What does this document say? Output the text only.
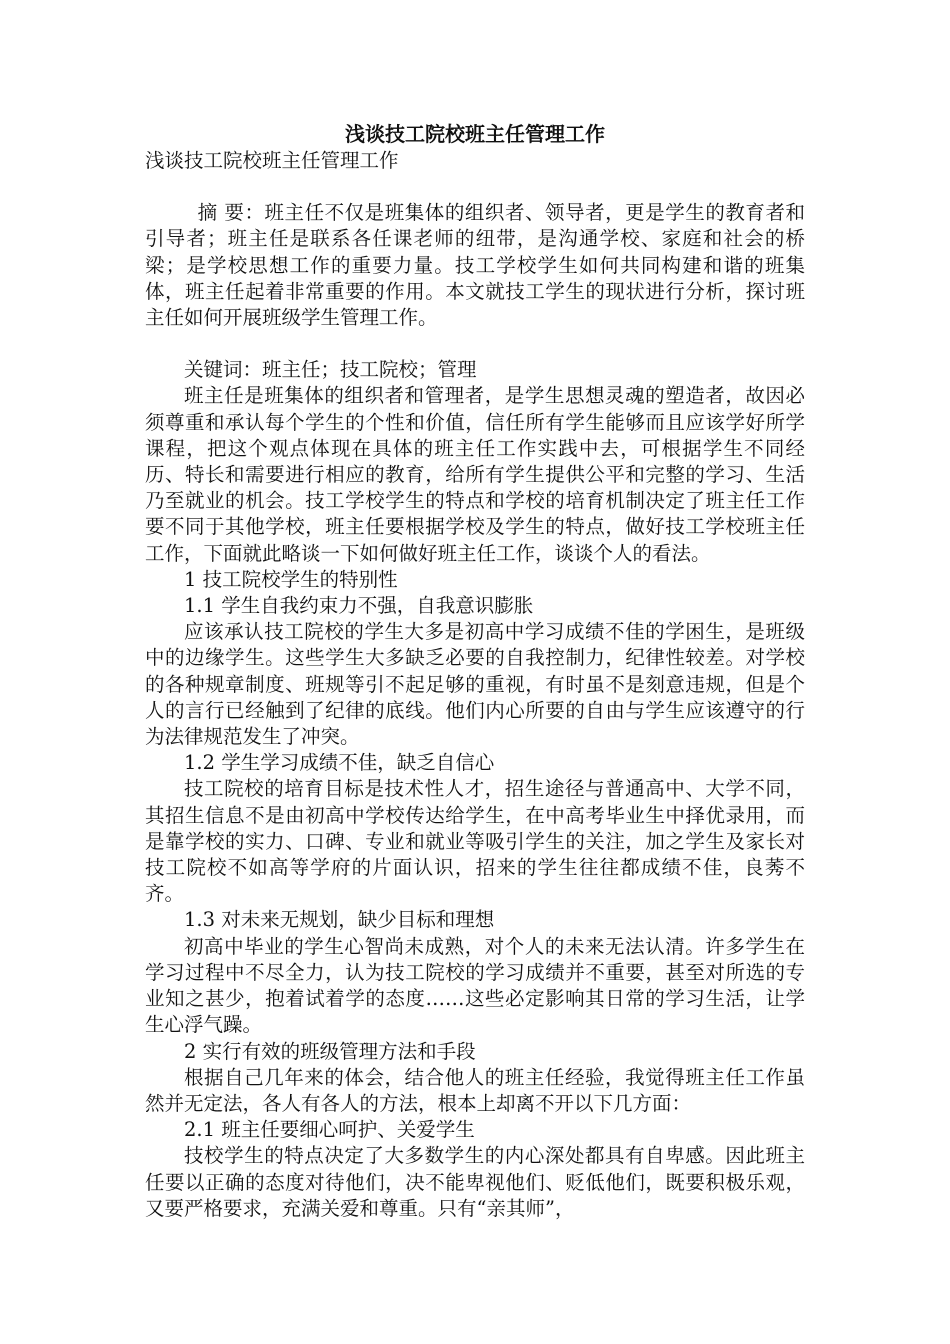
浅谈技工院校班主任管理工作

浅谈技工院校班主任管理工作

摘 要：班主任不仅是班集体的组织者、领导者，更是学生的教育者和引导者；班主任是联系各任课老师的纽带，是沟通学校、家庭和社会的桥梁；是学校思想工作的重要力量。技工学校学生如何共同构建和谐的班集体，班主任起着非常重要的作用。本文就技工学生的现状进行分析，探讨班主任如何开展班级学生管理工作。

关键词：班主任；技工院校；管理

班主任是班集体的组织者和管理者，是学生思想灵魂的塑造者，故因必须尊重和承认每个学生的个性和价值，信任所有学生能够而且应该学好所学课程，把这个观点体现在具体的班主任工作实践中去，可根据学生不同经历、特长和需要进行相应的教育，给所有学生提供公平和完整的学习、生活乃至就业的机会。技工学校学生的特点和学校的培育机制决定了班主任工作要不同于其他学校，班主任要根据学校及学生的特点，做好技工学校班主任工作，下面就此略谈一下如何做好班主任工作，谈谈个人的看法。

1 技工院校学生的特别性

1.1 学生自我约束力不强，自我意识膨胀

应该承认技工院校的学生大多是初高中学习成绩不佳的学困生，是班级中的边缘学生。这些学生大多缺乏必要的自我控制力，纪律性较差。对学校的各种规章制度、班规等引不起足够的重视，有时虽不是刻意违规，但是个人的言行已经触到了纪律的底线。他们内心所要的自由与学生应该遵守的行为法律规范发生了冲突。

1.2 学生学习成绩不佳，缺乏自信心

技工院校的培育目标是技术性人才，招生途径与普通高中、大学不同，其招生信息不是由初高中学校传达给学生，在中高考毕业生中择优录用，而是靠学校的实力、口碑、专业和就业等吸引学生的关注，加之学生及家长对技工院校不如高等学府的片面认识，招来的学生往往都成绩不佳，良莠不齐。

1.3 对未来无规划，缺少目标和理想

初高中毕业的学生心智尚未成熟，对个人的未来无法认清。许多学生在学习过程中不尽全力，认为技工院校的学习成绩并不重要，甚至对所选的专业知之甚少，抱着试着学的态度……这些必定影响其日常的学习生活，让学生心浮气躁。

2 实行有效的班级管理方法和手段

根据自己几年来的体会，结合他人的班主任经验，我觉得班主任工作虽然并无定法，各人有各人的方法，根本上却离不开以下几方面：

2.1 班主任要细心呵护、关爱学生

技校学生的特点决定了大多数学生的内心深处都具有自卑感。因此班主任要以正确的态度对待他们，决不能卑视他们、贬低他们，既要积极乐观，又要严格要求，充满关爱和尊重。只有“亲其师”，
